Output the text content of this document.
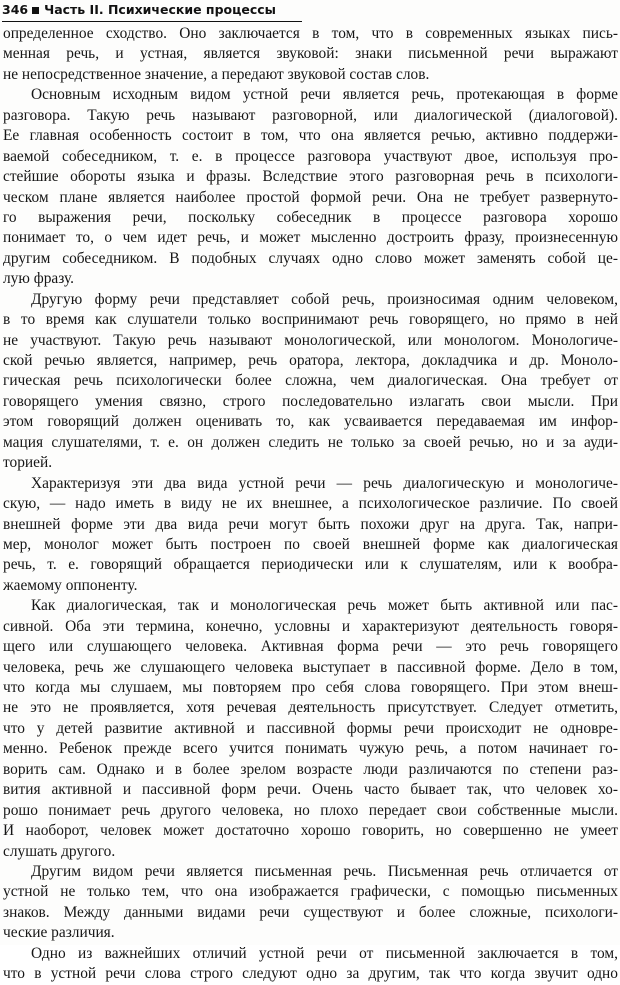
346 Часть II. Психические процессы
определенное сходство. Оно заключается в том, что в современных языках пись-
менная речь, и устная, является звуковой: знаки письменной речи выражают
не непосредственное значение, а передают звуковой состав слов.
Основным исходным видом устной речи является речь, протекающая в форме
разговора. Такую речь называют разговорной, или диалогической (диалоговой).
Ее главная особенность состоит в том, что она является речью, активно поддержи-
ваемой собеседником, т. е. в процессе разговора участвуют двое, используя про-
стейшие обороты языка и фразы. Вследствие этого разговорная речь в психологи-
ческом плане является наиболее простой формой речи. Она не требует развернуто-
го выражения речи, поскольку собеседник в процессе разговора хорошо
понимает то, о чем идет речь, и может мысленно достроить фразу, произнесенную
другим собеседником. В подобных случаях одно слово может заменять собой це-
лую фразу.
Другую форму речи представляет собой речь, произносимая одним человеком,
в то время как слушатели только воспринимают речь говорящего, но прямо в ней
не участвуют. Такую речь называют монологической, или монологом. Монологиче-
ской речью является, например, речь оратора, лектора, докладчика и др. Моноло-
гическая речь психологически более сложна, чем диалогическая. Она требует от
говорящего умения связно, строго последовательно излагать свои мысли. При
этом говорящий должен оценивать то, как усваивается передаваемая им инфор-
мация слушателями, т. е. он должен следить не только за своей речью, но и за ауди-
торией.
Характеризуя эти два вида устной речи — речь диалогическую и монологиче-
скую, — надо иметь в виду не их внешнее, а психологическое различие. По своей
внешней форме эти два вида речи могут быть похожи друг на друга. Так, напри-
мер, монолог может быть построен по своей внешней форме как диалогическая
речь, т. е. говорящий обращается периодически или к слушателям, или к вообра-
жаемому оппоненту.
Как диалогическая, так и монологическая речь может быть активной или пас-
сивной. Оба эти термина, конечно, условны и характеризуют деятельность говоря-
щего или слушающего человека. Активная форма речи — это речь говорящего
человека, речь же слушающего человека выступает в пассивной форме. Дело в том,
что когда мы слушаем, мы повторяем про себя слова говорящего. При этом внеш-
не это не проявляется, хотя речевая деятельность присутствует. Следует отметить,
что у детей развитие активной и пассивной формы речи происходит не одновре-
менно. Ребенок прежде всего учится понимать чужую речь, а потом начинает го-
ворить сам. Однако и в более зрелом возрасте люди различаются по степени раз-
вития активной и пассивной форм речи. Очень часто бывает так, что человек хо-
рошо понимает речь другого человека, но плохо передает свои собственные мысли.
И наоборот, человек может достаточно хорошо говорить, но совершенно не умеет
слушать другого.
Другим видом речи является письменная речь. Письменная речь отличается от
устной не только тем, что она изображается графически, с помощью письменных
знаков. Между данными видами речи существуют и более сложные, психологи-
ческие различия.
Одно из важнейших отличий устной речи от письменной заключается в том,
что в устной речи слова строго следуют одно за другим, так что когда звучит одно
